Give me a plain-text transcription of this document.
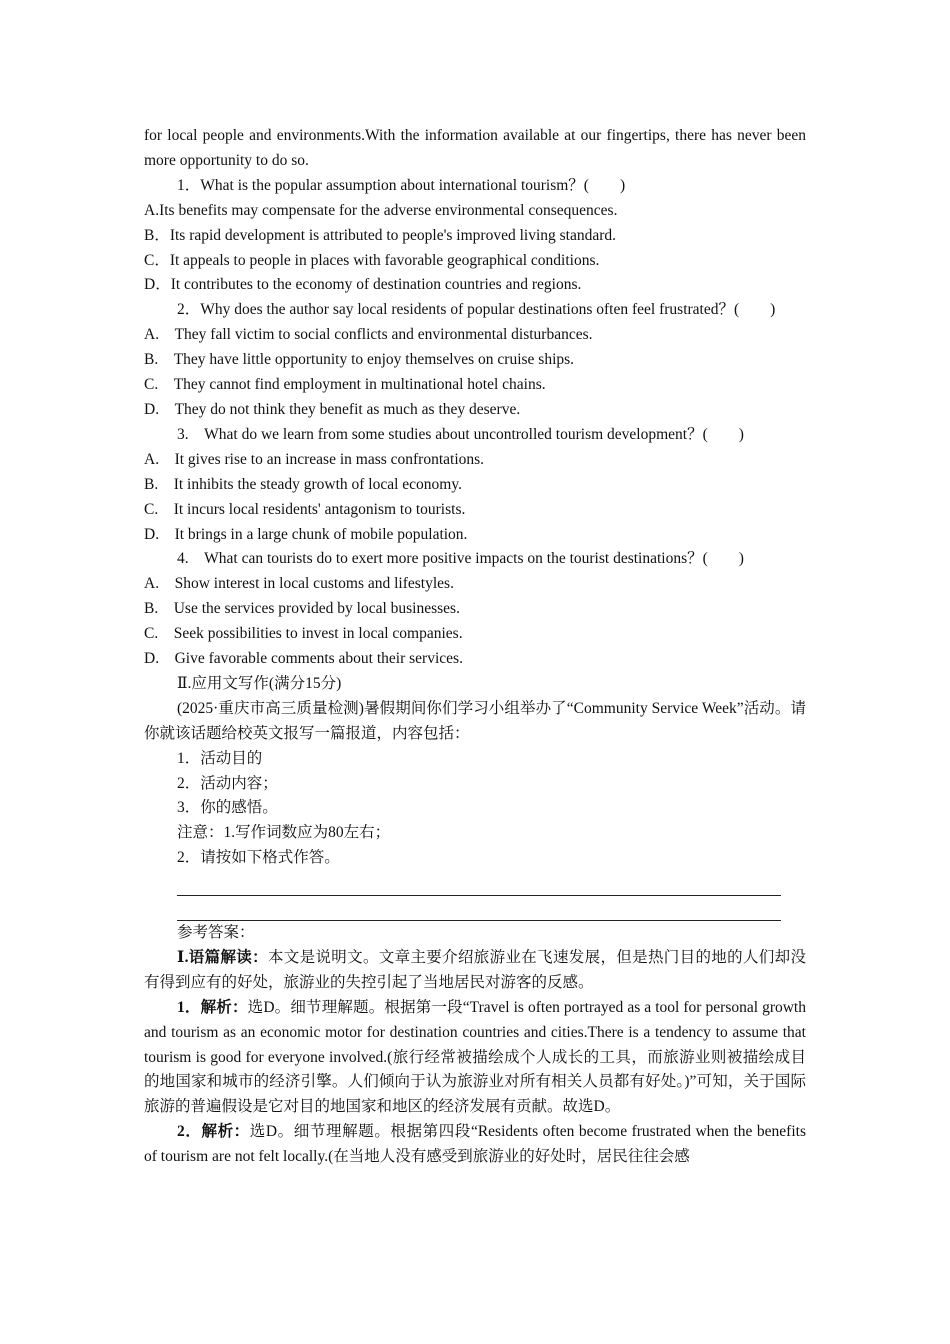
for local people and environments.With the information available at our fingertips, there has never been more opportunity to do so.

1．What is the popular assumption about international tourism？(　　)

A.Its benefits may compensate for the adverse environmental consequences.

B．Its rapid development is attributed to people's improved living standard.

C．It appeals to people in places with favorable geographical conditions.

D．It contributes to the economy of destination countries and regions.

2．Why does the author say local residents of popular destinations often feel frustrated？(　　)

A.　They fall victim to social conflicts and environmental disturbances.

B.　They have little opportunity to enjoy themselves on cruise ships.

C.　They cannot find employment in multinational hotel chains.

D.　They do not think they benefit as much as they deserve.

3.　What do we learn from some studies about uncontrolled tourism development？(　　)

A.　It gives rise to an increase in mass confrontations.

B.　It inhibits the steady growth of local economy.

C.　It incurs local residents' antagonism to tourists.

D.　It brings in a large chunk of mobile population.

4.　What can tourists do to exert more positive impacts on the tourist destinations？(　　)

A.　Show interest in local customs and lifestyles.

B.　Use the services provided by local businesses.

C.　Seek possibilities to invest in local companies.

D.　Give favorable comments about their services.

Ⅱ.应用文写作(满分15分)

(2025·重庆市高三质量检测)暑假期间你们学习小组举办了“Community Service Week”活动。请你就该话题给校英文报写一篇报道，内容包括：

1．活动目的

2．活动内容；

3．你的感悟。

注意：1.写作词数应为80左右；

2．请按如下格式作答。

参考答案：

Ⅰ.语篇解读：本文是说明文。文章主要介绍旅游业在飞速发展，但是热门目的地的人们却没有得到应有的好处，旅游业的失控引起了当地居民对游客的反感。

1．解析：选D。细节理解题。根据第一段“Travel is often portrayed as a tool for personal growth and tourism as an economic motor for destination countries and cities.There is a tendency to assume that tourism is good for everyone involved.(旅行经常被描绘成个人成长的工具，而旅游业则被描绘成目的地国家和城市的经济引擎。人们倾向于认为旅游业对所有相关人员都有好处。)”可知，关于国际旅游的普遍假设是它对目的地国家和地区的经济发展有贡献。故选D。

2．解析：选D。细节理解题。根据第四段“Residents often become frustrated when the benefits of tourism are not felt locally.(在当地人没有感受到旅游业的好处时，居民往往会感
